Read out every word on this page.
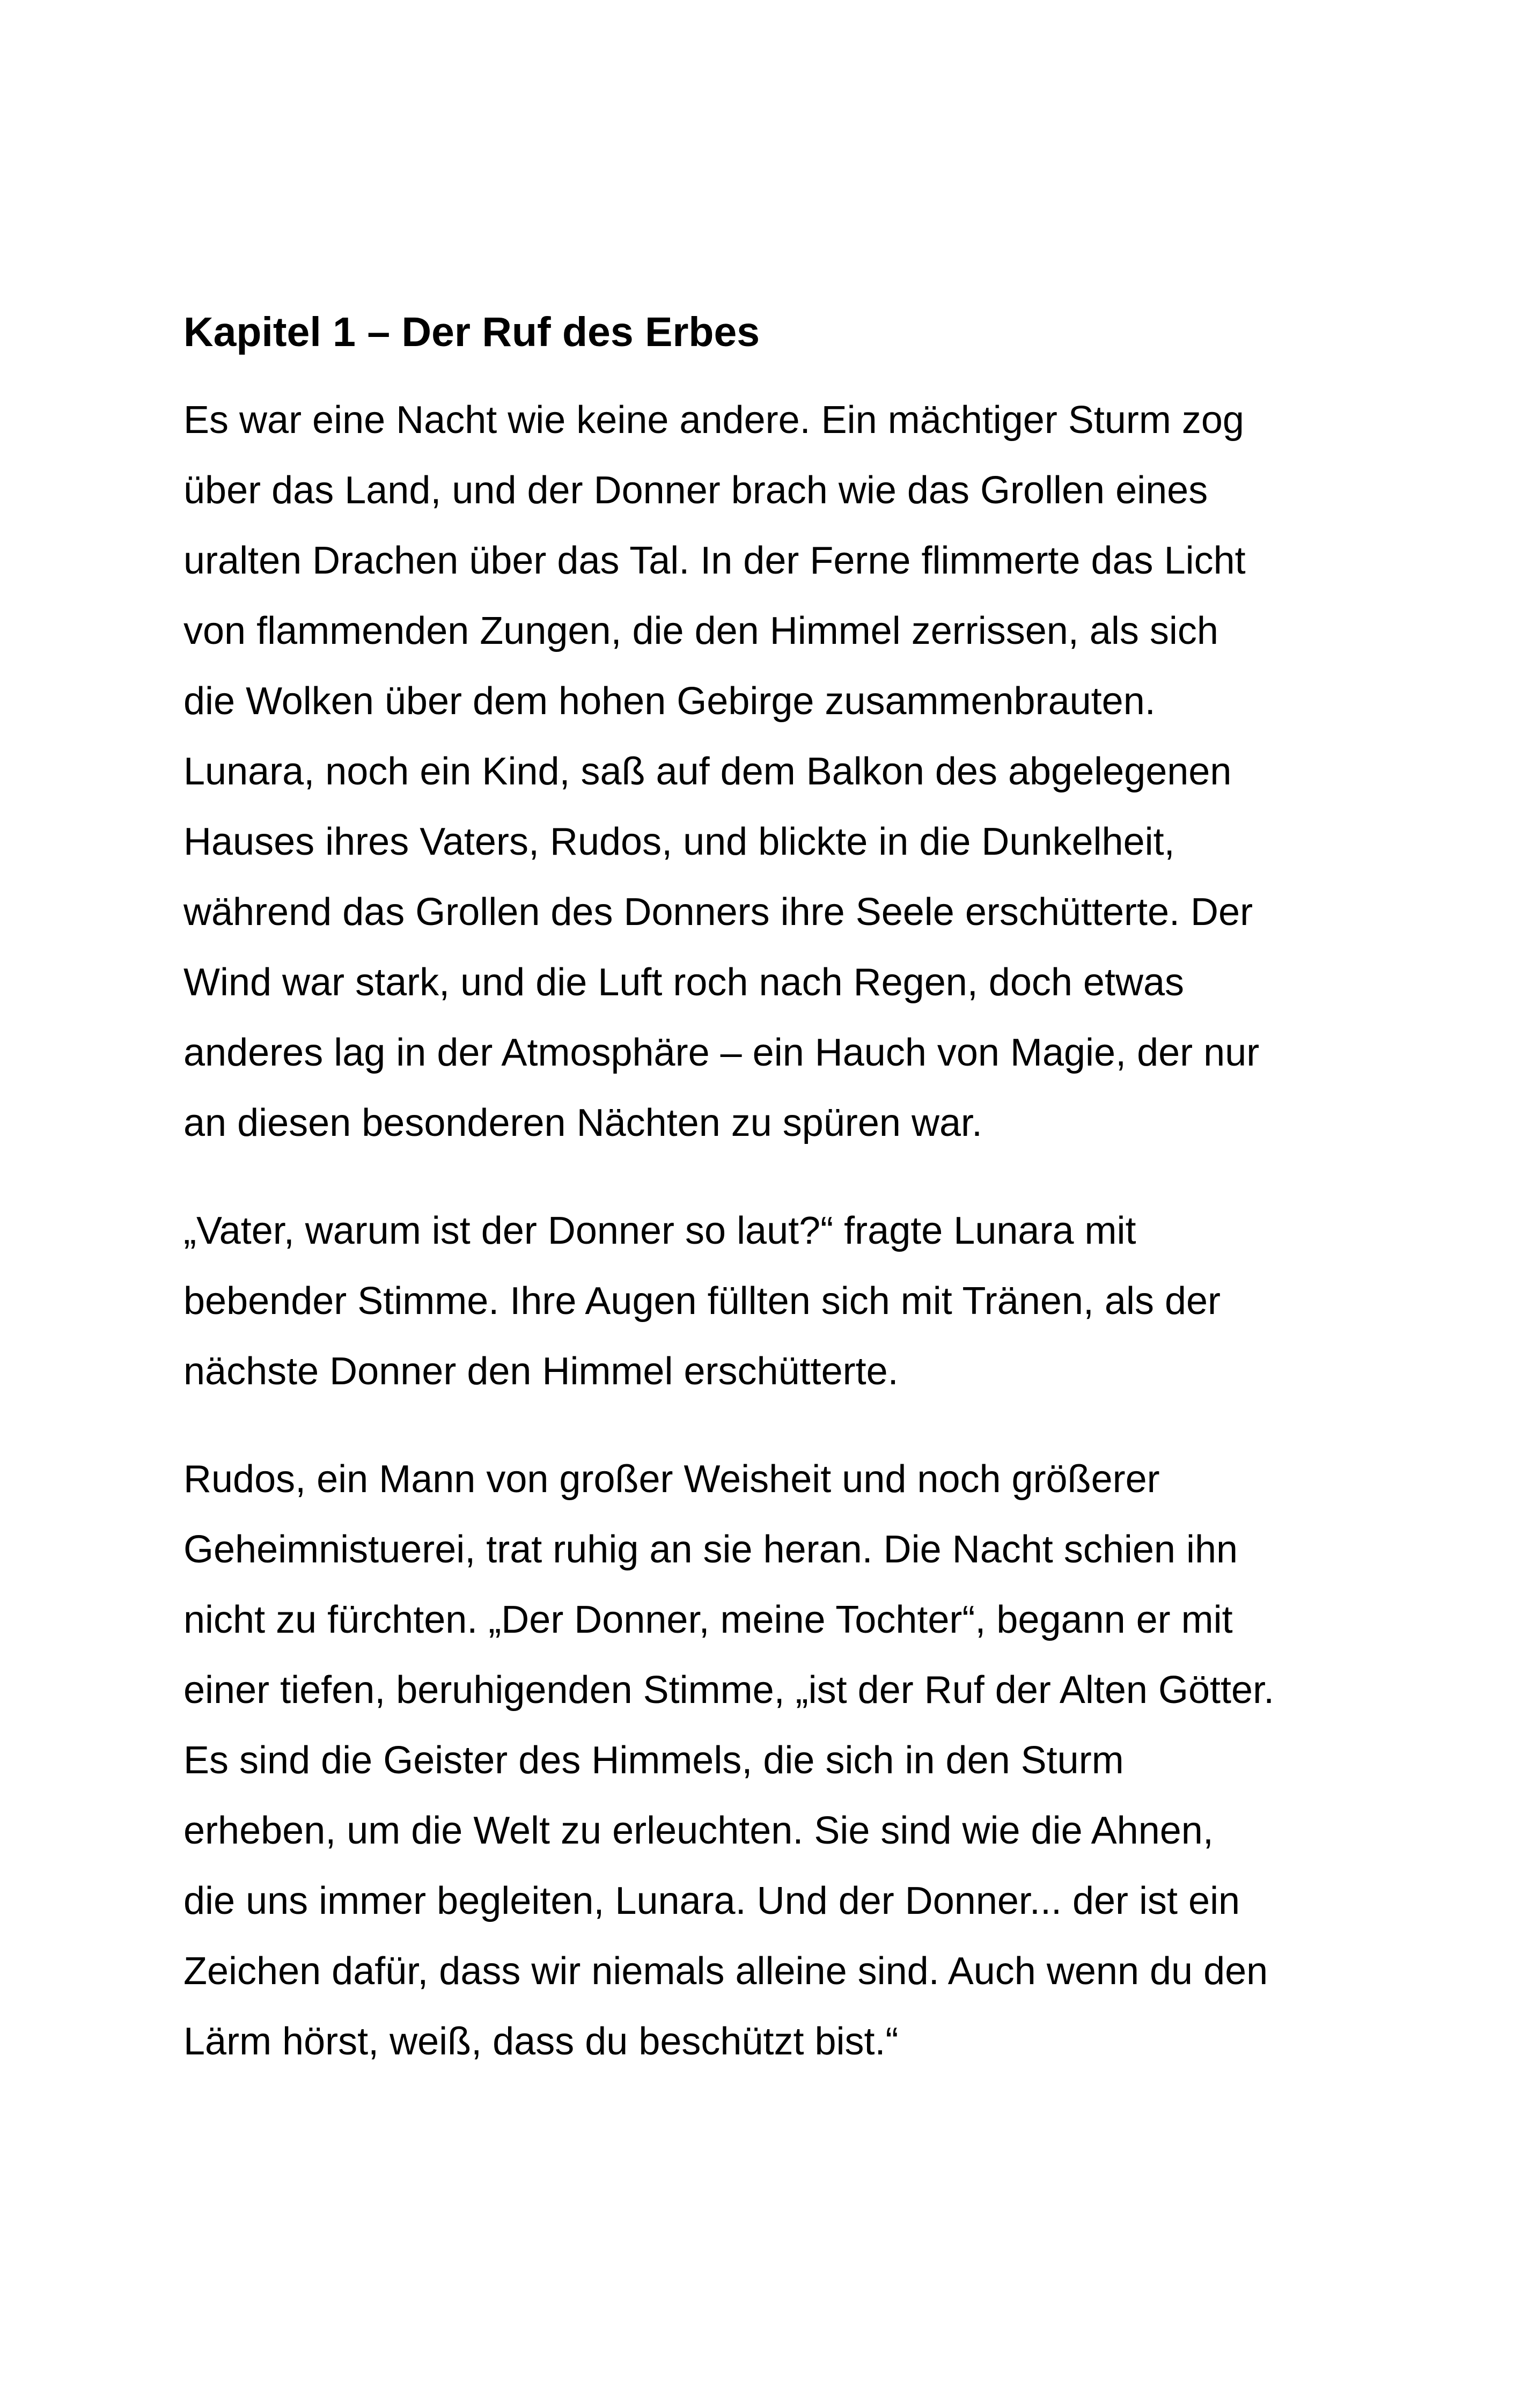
Kapitel 1 – Der Ruf des Erbes
Es war eine Nacht wie keine andere. Ein mächtiger Sturm zog
über das Land, und der Donner brach wie das Grollen eines
uralten Drachen über das Tal. In der Ferne flimmerte das Licht
von flammenden Zungen, die den Himmel zerrissen, als sich
die Wolken über dem hohen Gebirge zusammenbrauten.
Lunara, noch ein Kind, saß auf dem Balkon des abgelegenen
Hauses ihres Vaters, Rudos, und blickte in die Dunkelheit,
während das Grollen des Donners ihre Seele erschütterte. Der
Wind war stark, und die Luft roch nach Regen, doch etwas
anderes lag in der Atmosphäre – ein Hauch von Magie, der nur
an diesen besonderen Nächten zu spüren war.
„Vater, warum ist der Donner so laut?“ fragte Lunara mit
bebender Stimme. Ihre Augen füllten sich mit Tränen, als der
nächste Donner den Himmel erschütterte.
Rudos, ein Mann von großer Weisheit und noch größerer
Geheimnistuerei, trat ruhig an sie heran. Die Nacht schien ihn
nicht zu fürchten. „Der Donner, meine Tochter“, begann er mit
einer tiefen, beruhigenden Stimme, „ist der Ruf der Alten Götter.
Es sind die Geister des Himmels, die sich in den Sturm
erheben, um die Welt zu erleuchten. Sie sind wie die Ahnen,
die uns immer begleiten, Lunara. Und der Donner... der ist ein
Zeichen dafür, dass wir niemals alleine sind. Auch wenn du den
Lärm hörst, weiß, dass du beschützt bist.“
